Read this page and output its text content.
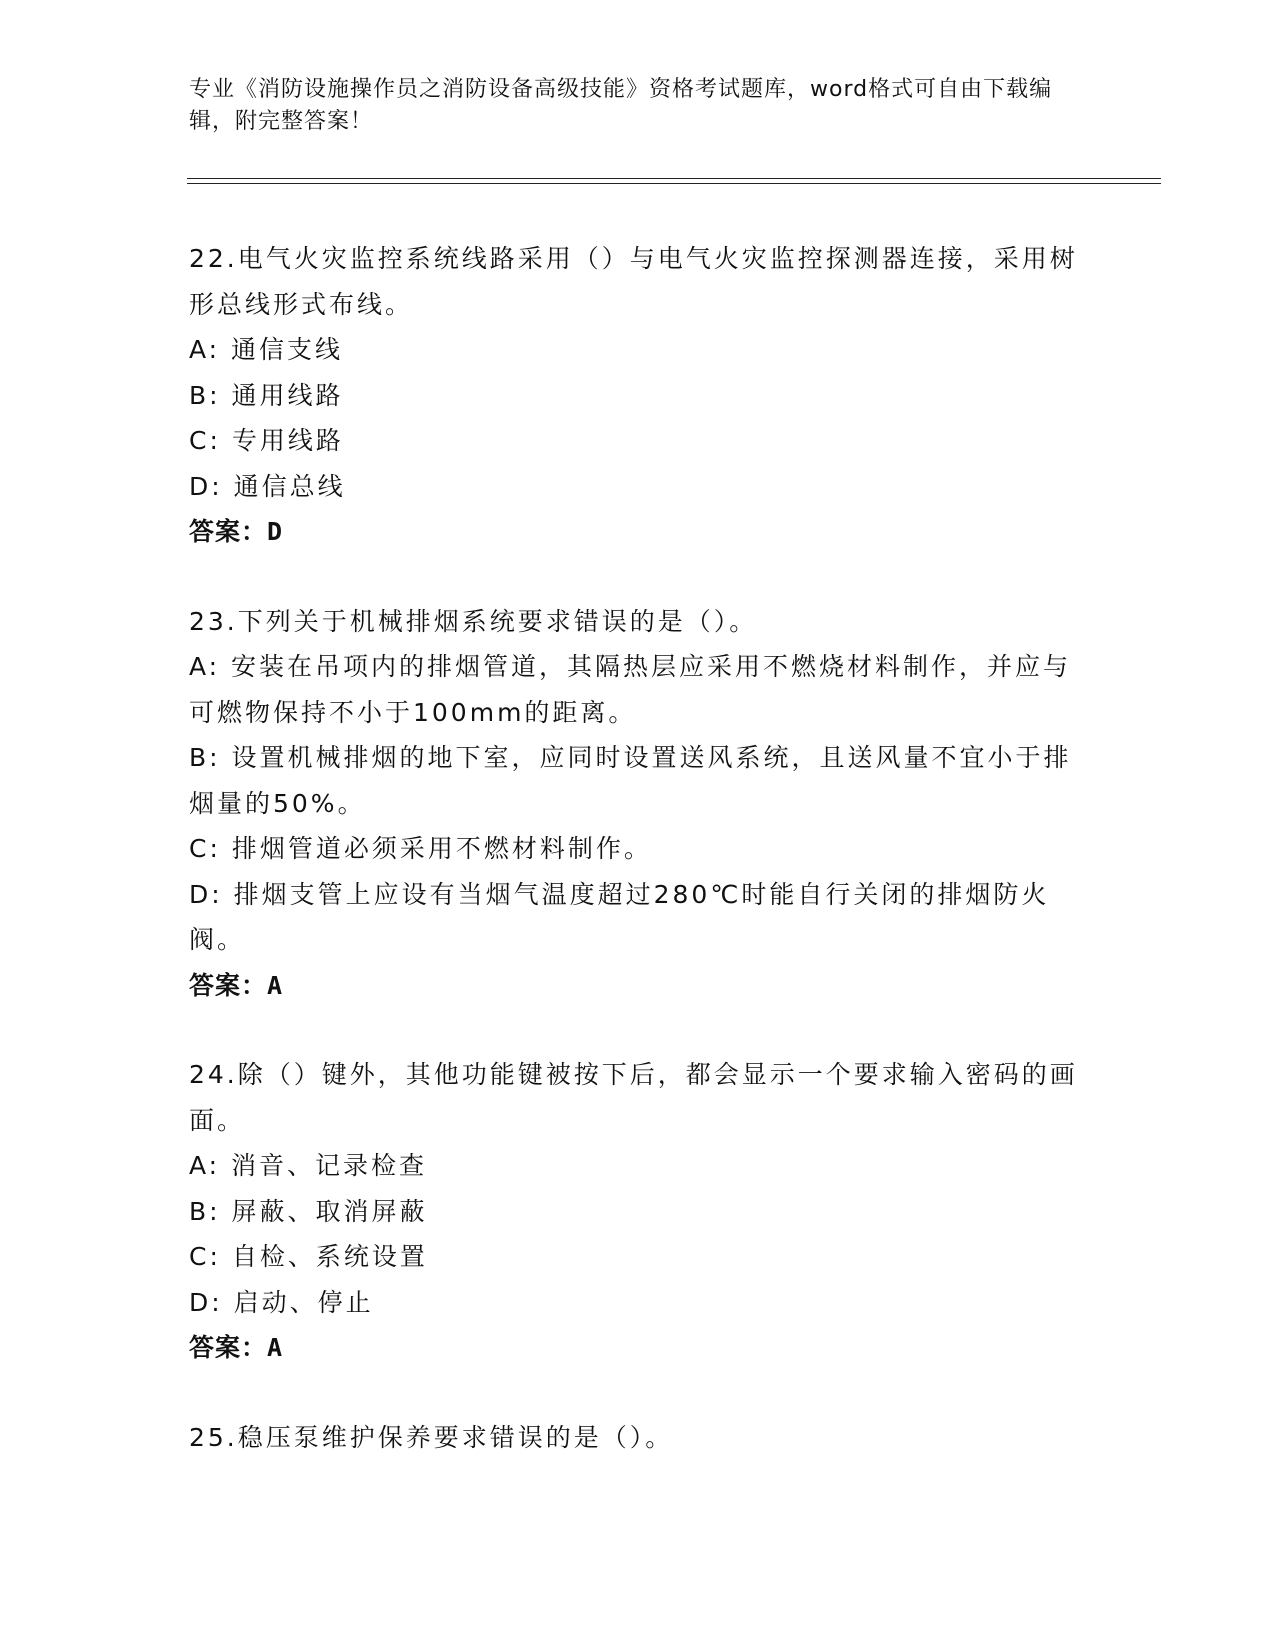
专业《消防设施操作员之消防设备高级技能》资格考试题库，word格式可自由下载编辑，附完整答案！
22.电气火灾监控系统线路采用（）与电气火灾监控探测器连接，采用树形总线形式布线。
A: 通信支线
B: 通用线路
C: 专用线路
D: 通信总线
答案：D
23.下列关于机械排烟系统要求错误的是（）。
A: 安装在吊项内的排烟管道，其隔热层应采用不燃烧材料制作，并应与可燃物保持不小于100mm的距离。
B: 设置机械排烟的地下室，应同时设置送风系统，且送风量不宜小于排烟量的50%。
C: 排烟管道必须采用不燃材料制作。
D: 排烟支管上应设有当烟气温度超过280℃时能自行关闭的排烟防火阀。
答案：A
24.除（）键外，其他功能键被按下后，都会显示一个要求输入密码的画面。
A: 消音、记录检查
B: 屏蔽、取消屏蔽
C: 自检、系统设置
D: 启动、停止
答案：A
25.稳压泵维护保养要求错误的是（）。
